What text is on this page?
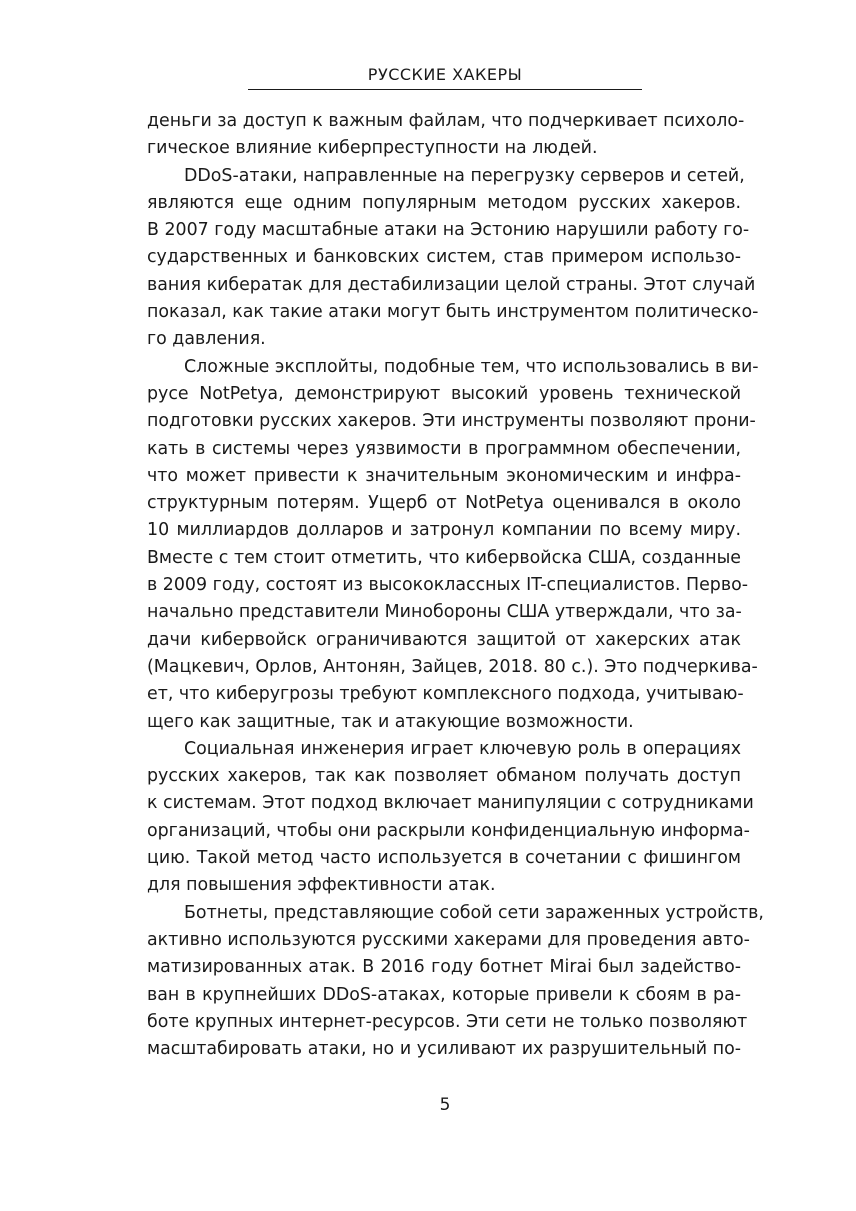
РУССКИЕ ХАКЕРЫ
деньги за доступ к важным файлам, что подчеркивает психоло-
гическое влияние киберпреступности на людей.
DDoS-атаки, направленные на перегрузку серверов и сетей,
являются еще одним популярным методом русских хакеров.
В 2007 году масштабные атаки на Эстонию нарушили работу го-
сударственных и банковских систем, став примером использо-
вания кибератак для дестабилизации целой страны. Этот случай
показал, как такие атаки могут быть инструментом политическо-
го давления.
Сложные эксплойты, подобные тем, что использовались в ви-
русе NotPetya, демонстрируют высокий уровень технической
подготовки русских хакеров. Эти инструменты позволяют прони-
кать в системы через уязвимости в программном обеспечении,
что может привести к значительным экономическим и инфра-
структурным потерям. Ущерб от NotPetya оценивался в около
10 миллиардов долларов и затронул компании по всему миру.
Вместе с тем стоит отметить, что кибервойска США, созданные
в 2009 году, состоят из высококлассных IT-специалистов. Перво-
начально представители Минобороны США утверждали, что за-
дачи кибервойск ограничиваются защитой от хакерских атак
(Мацкевич, Орлов, Антонян, Зайцев, 2018. 80 с.). Это подчеркива-
ет, что киберугрозы требуют комплексного подхода, учитываю-
щего как защитные, так и атакующие возможности.
Социальная инженерия играет ключевую роль в операциях
русских хакеров, так как позволяет обманом получать доступ
к системам. Этот подход включает манипуляции с сотрудниками
организаций, чтобы они раскрыли конфиденциальную информа-
цию. Такой метод часто используется в сочетании с фишингом
для повышения эффективности атак.
Ботнеты, представляющие собой сети зараженных устройств,
активно используются русскими хакерами для проведения авто-
матизированных атак. В 2016 году ботнет Mirai был задейство-
ван в крупнейших DDoS-атаках, которые привели к сбоям в ра-
боте крупных интернет-ресурсов. Эти сети не только позволяют
масштабировать атаки, но и усиливают их разрушительный по-
5
